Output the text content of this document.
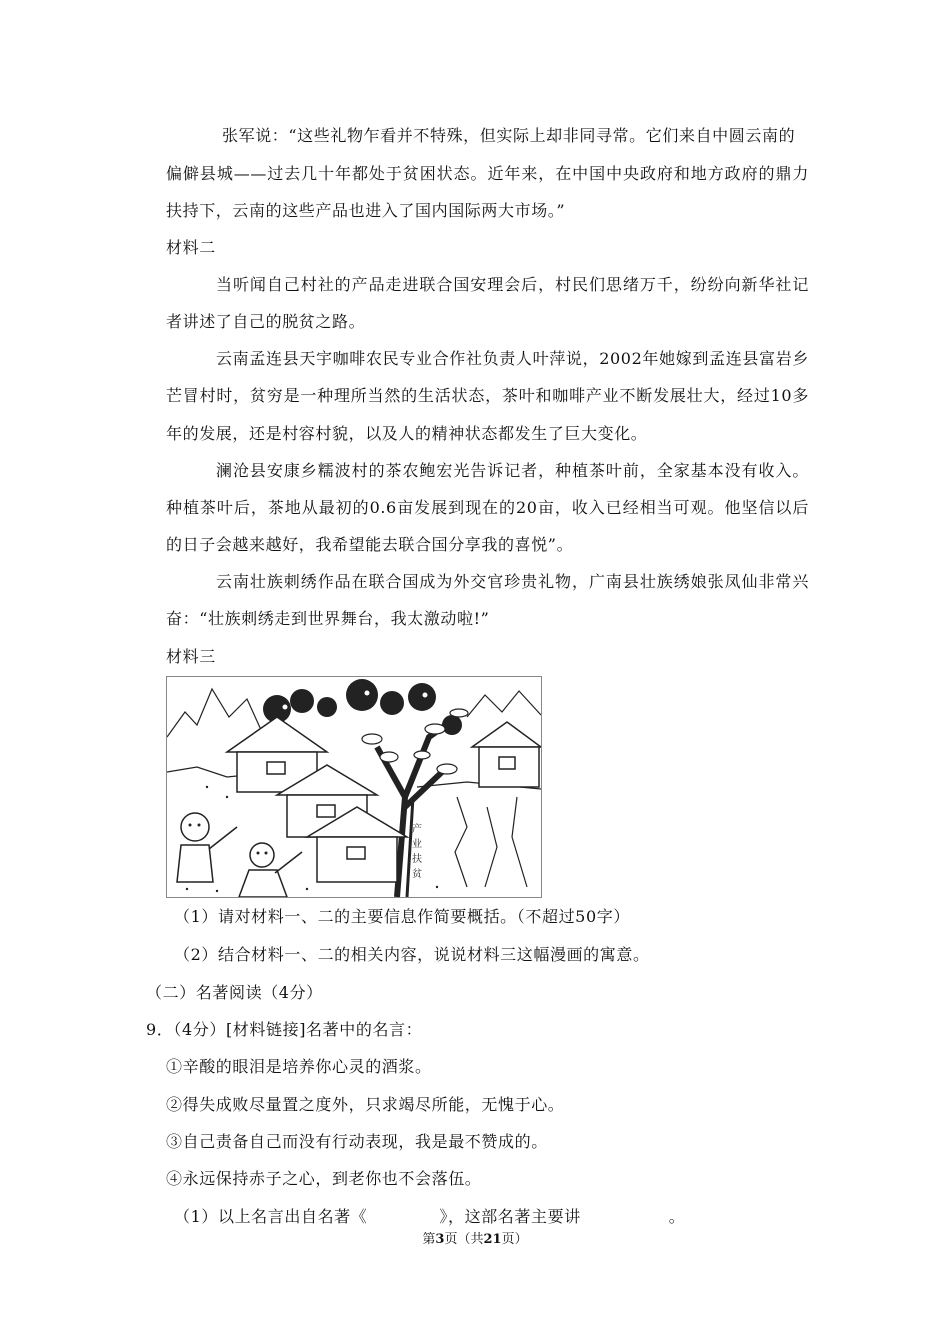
张军说：“这些礼物乍看并不特殊，但实际上却非同寻常。它们来自中圆云南的
偏僻县城——过去几十年都处于贫困状态。近年来，在中国中央政府和地方政府的鼎力
扶持下，云南的这些产品也进入了国内国际两大市场。”
材料二
当听闻自己村社的产品走进联合国安理会后，村民们思绪万千，纷纷向新华社记
者讲述了自己的脱贫之路。
云南孟连县天宇咖啡农民专业合作社负责人叶萍说，2002年她嫁到孟连县富岩乡
芒冒村时，贫穷是一种理所当然的生活状态，茶叶和咖啡产业不断发展壮大，经过10多
年的发展，还是村容村貌，以及人的精神状态都发生了巨大变化。
澜沧县安康乡糯波村的茶农鲍宏光告诉记者，种植茶叶前，全家基本没有收入。
种植茶叶后，茶地从最初的0.6亩发展到现在的20亩，收入已经相当可观。他坚信以后
的日子会越来越好，我希望能去联合国分享我的喜悦”。
云南壮族刺绣作品在联合国成为外交官珍贵礼物，广南县壮族绣娘张凤仙非常兴
奋：“壮族刺绣走到世界舞台，我太激动啦!”
材料三
产
业
扶
贫
（1）请对材料一、二的主要信息作简要概括。（不超过50字）
（2）结合材料一、二的相关内容，说说材料三这幅漫画的寓意。
（二）名著阅读（4分）
9．（4分）[材料链接]名著中的名言：
①辛酸的眼泪是培养你心灵的酒浆。
②得失成败尽量置之度外，只求竭尽所能，无愧于心。
③自己责备自己而没有行动表现，我是最不赞成的。
④永远保持赤子之心，到老你也不会落伍。
（1）以上名言出自名著《	》，这部名著主要讲	。
第3页（共21页）
